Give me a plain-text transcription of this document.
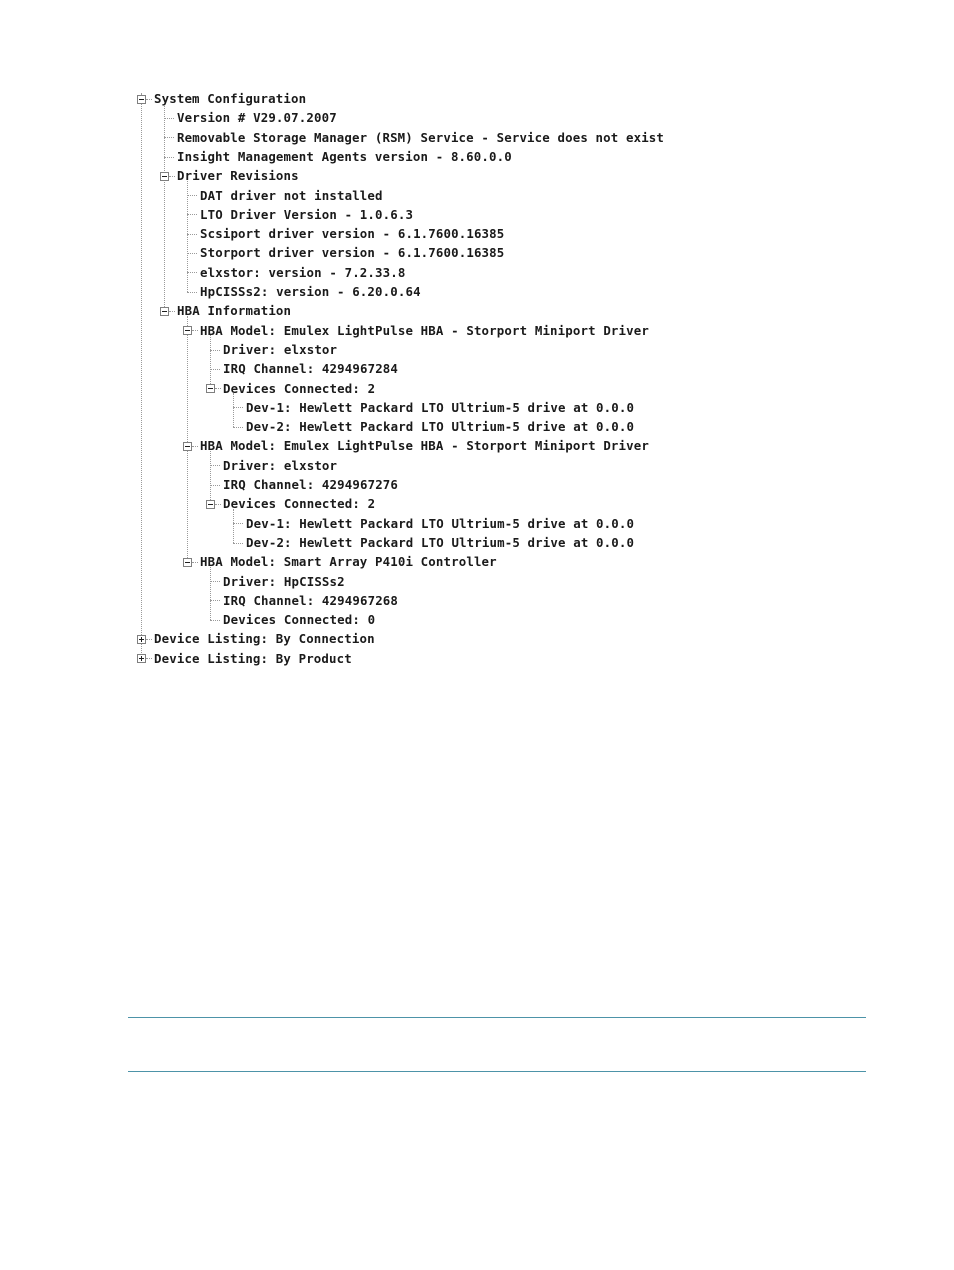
System Configuration
Version # V29.07.2007
Removable Storage Manager (RSM) Service - Service does not exist
Insight Management Agents version - 8.60.0.0
Driver Revisions
DAT driver not installed
LTO Driver Version - 1.0.6.3
Scsiport driver version - 6.1.7600.16385
Storport driver version - 6.1.7600.16385
elxstor: version - 7.2.33.8
HpCISSs2: version - 6.20.0.64
HBA Information
HBA Model: Emulex LightPulse HBA - Storport Miniport Driver
Driver: elxstor
IRQ Channel: 4294967284
Devices Connected: 2
Dev-1: Hewlett Packard LTO Ultrium-5 drive at 0.0.0
Dev-2: Hewlett Packard LTO Ultrium-5 drive at 0.0.0
HBA Model: Emulex LightPulse HBA - Storport Miniport Driver
Driver: elxstor
IRQ Channel: 4294967276
Devices Connected: 2
Dev-1: Hewlett Packard LTO Ultrium-5 drive at 0.0.0
Dev-2: Hewlett Packard LTO Ultrium-5 drive at 0.0.0
HBA Model: Smart Array P410i Controller
Driver: HpCISSs2
IRQ Channel: 4294967268
Devices Connected: 0
Device Listing: By Connection
Device Listing: By Product
